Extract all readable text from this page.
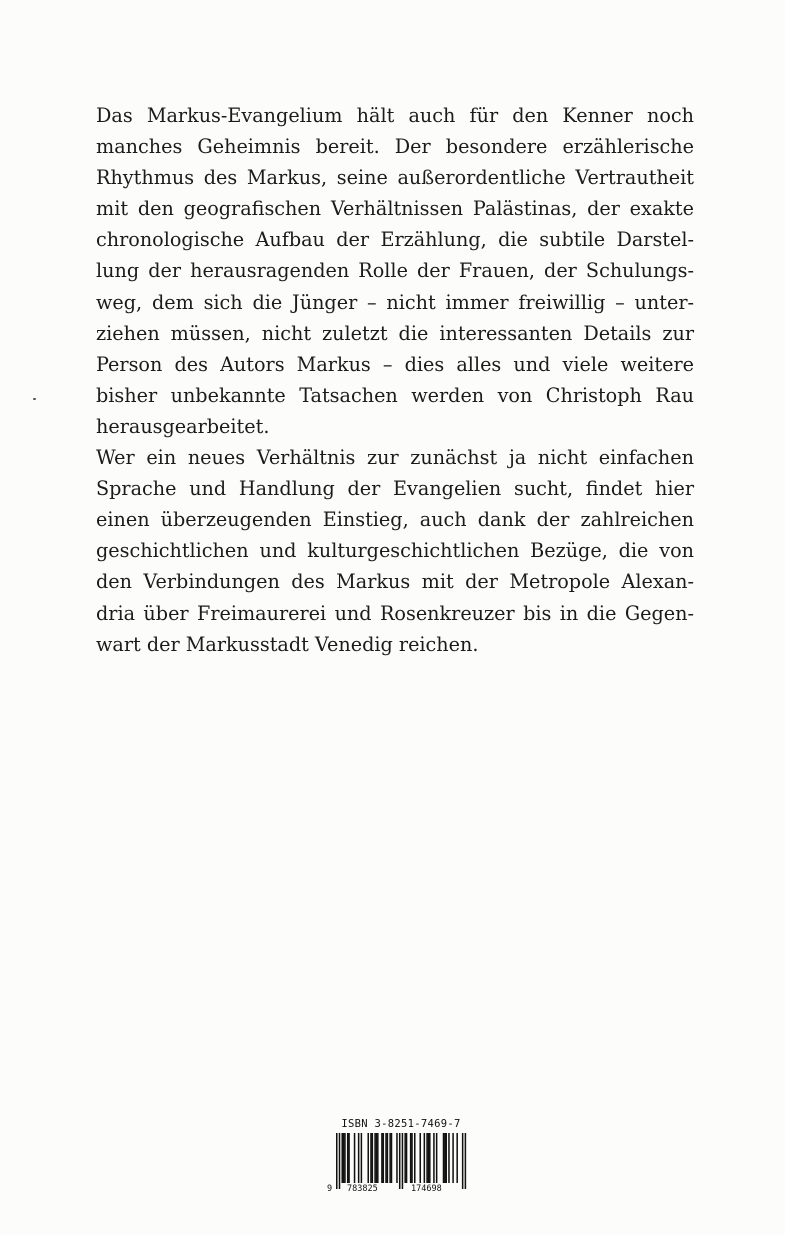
Das Markus-Evangelium hält auch für den Kenner noch
manches Geheimnis bereit. Der besondere erzählerische
Rhythmus des Markus, seine außerordentliche Vertrautheit
mit den geografischen Verhältnissen Palästinas, der exakte
chronologische Aufbau der Erzählung, die subtile Darstel-
lung der herausragenden Rolle der Frauen, der Schulungs-
weg, dem sich die Jünger – nicht immer freiwillig – unter-
ziehen müssen, nicht zuletzt die interessanten Details zur
Person des Autors Markus – dies alles und viele weitere
bisher unbekannte Tatsachen werden von Christoph Rau
herausgearbeitet.
Wer ein neues Verhältnis zur zunächst ja nicht einfachen
Sprache und Handlung der Evangelien sucht, findet hier
einen überzeugenden Einstieg, auch dank der zahlreichen
geschichtlichen und kulturgeschichtlichen Bezüge, die von
den Verbindungen des Markus mit der Metropole Alexan-
dria über Freimaurerei und Rosenkreuzer bis in die Gegen-
wart der Markusstadt Venedig reichen.
ISBN 3-8251-7469-7
9 783825	174698
